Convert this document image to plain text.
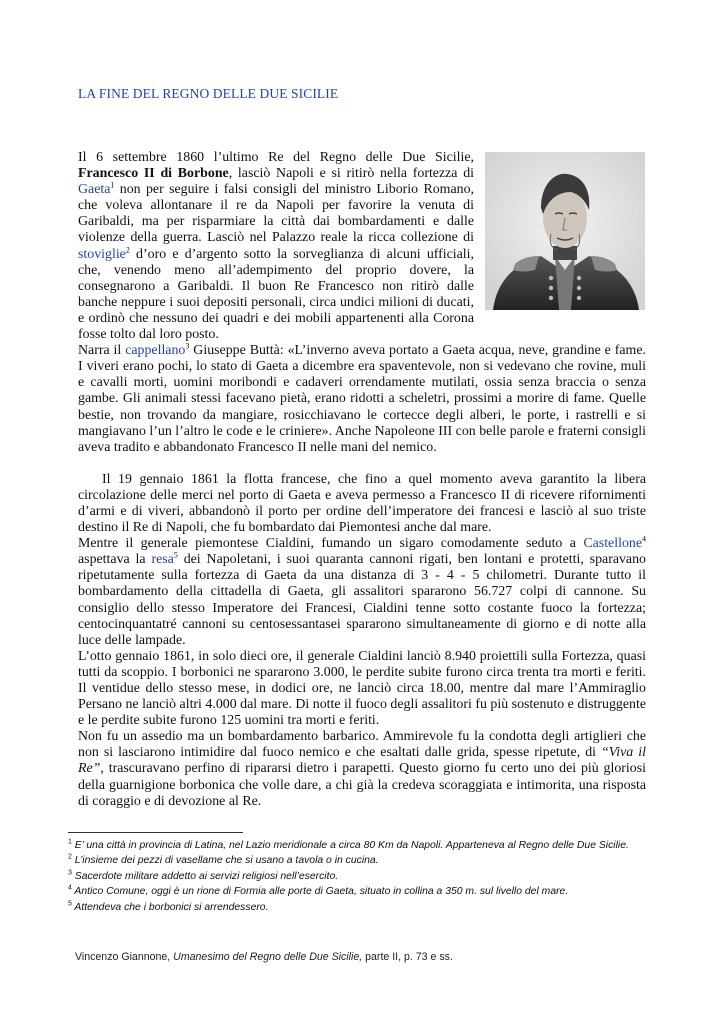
LA FINE DEL REGNO DELLE DUE SICILIE

Il 6 settembre 1860 l’ultimo Re del Regno delle Due Sicilie, Francesco II di Borbone, lasciò Napoli e si ritirò nella fortezza di Gaeta$^1$ non per seguire i falsi consigli del ministro Liborio Romano, che voleva allontanare il re da Napoli per favorire la venuta di Garibaldi, ma per risparmiare la città dai bombardamenti e dalle violenze della guerra. Lasciò nel Palazzo reale la ricca collezione di stoviglie$^2$ d’oro e d’argento sotto la sorveglianza di alcuni ufficiali, che, venendo meno all’adempimento del proprio dovere, la consegnarono a Garibaldi. Il buon Re Francesco non ritirò dalle banche neppure i suoi depositi personali, circa undici milioni di ducati, e ordinò che nessuno dei quadri e dei mobili appartenenti alla Corona fosse tolto dal loro posto.

Narra il cappellano$^3$ Giuseppe Buttà: «L’inverno aveva portato a Gaeta acqua, neve, grandine e fame. I viveri erano pochi, lo stato di Gaeta a dicembre era spaventevole, non si vedevano che rovine, muli e cavalli morti, uomini moribondi e cadaveri orrendamente mutilati, ossia senza braccia o senza gambe. Gli animali stessi facevano pietà, erano ridotti a scheletri, prossimi a morire di fame. Quelle bestie, non trovando da mangiare, rosicchiavano le cortecce degli alberi, le porte, i rastrelli e si mangiavano l’un l’altro le code e le criniere». Anche Napoleone III con belle parole e fraterni consigli aveva tradito e abbandonato Francesco II nelle mani del nemico.

Il 19 gennaio 1861 la flotta francese, che fino a quel momento aveva garantito la libera circolazione delle merci nel porto di Gaeta e aveva permesso a Francesco II di ricevere rifornimenti d’armi e di viveri, abbandonò il porto per ordine dell’imperatore dei francesi e lasciò al suo triste destino il Re di Napoli, che fu bombardato dai Piemontesi anche dal mare.

Mentre il generale piemontese Cialdini, fumando un sigaro comodamente seduto a Castellone$^4$ aspettava la resa$^5$ dei Napoletani, i suoi quaranta cannoni rigati, ben lontani e protetti, sparavano ripetutamente sulla fortezza di Gaeta da una distanza di 3 - 4 - 5 chilometri. Durante tutto il bombardamento della cittadella di Gaeta, gli assalitori spararono 56.727 colpi di cannone. Su consiglio dello stesso Imperatore dei Francesi, Cialdini tenne sotto costante fuoco la fortezza; centocinquantatré cannoni su centosessantasei spararono simultaneamente di giorno e di notte alla luce delle lampade.

L’otto gennaio 1861, in solo dieci ore, il generale Cialdini lanciò 8.940 proiettili sulla Fortezza, quasi tutti da scoppio. I borbonici ne spararono 3.000, le perdite subite furono circa trenta tra morti e feriti. Il ventidue dello stesso mese, in dodici ore, ne lanciò circa 18.00, mentre dal mare l’Ammiraglio Persano ne lanciò altri 4.000 dal mare. Di notte il fuoco degli assalitori fu più sostenuto e distruggente e le perdite subite furono 125 uomini tra morti e feriti.

Non fu un assedio ma un bombardamento barbarico. Ammirevole fu la condotta degli artiglieri che non si lasciarono intimidire dal fuoco nemico e che esaltati dalle grida, spesse ripetute, di “Viva il Re”, trascuravano perfino di ripararsi dietro i parapetti. Questo giorno fu certo uno dei più gloriosi della guarnigione borbonica che volle dare, a chi già la credeva scoraggiata e intimorita, una risposta di coraggio e di devozione al Re.

$^1$ E’ una città in provincia di Latina, nel Lazio meridionale a circa 80 Km da Napoli. Apparteneva al Regno delle Due Sicilie.

$^2$ L’insieme dei pezzi di vasellame che si usano a tavola o in cucina.

$^3$ Sacerdote militare addetto ai servizi religiosi nell’esercito.

$^4$ Antico Comune, oggi è un rione di Formia alle porte di Gaeta, situato in collina a 350 m. sul livello del mare.

$^5$ Attendeva che i borbonici si arrendessero.

Vincenzo Giannone, Umanesimo del Regno delle Due Sicilie, parte II, p. 73 e ss.
